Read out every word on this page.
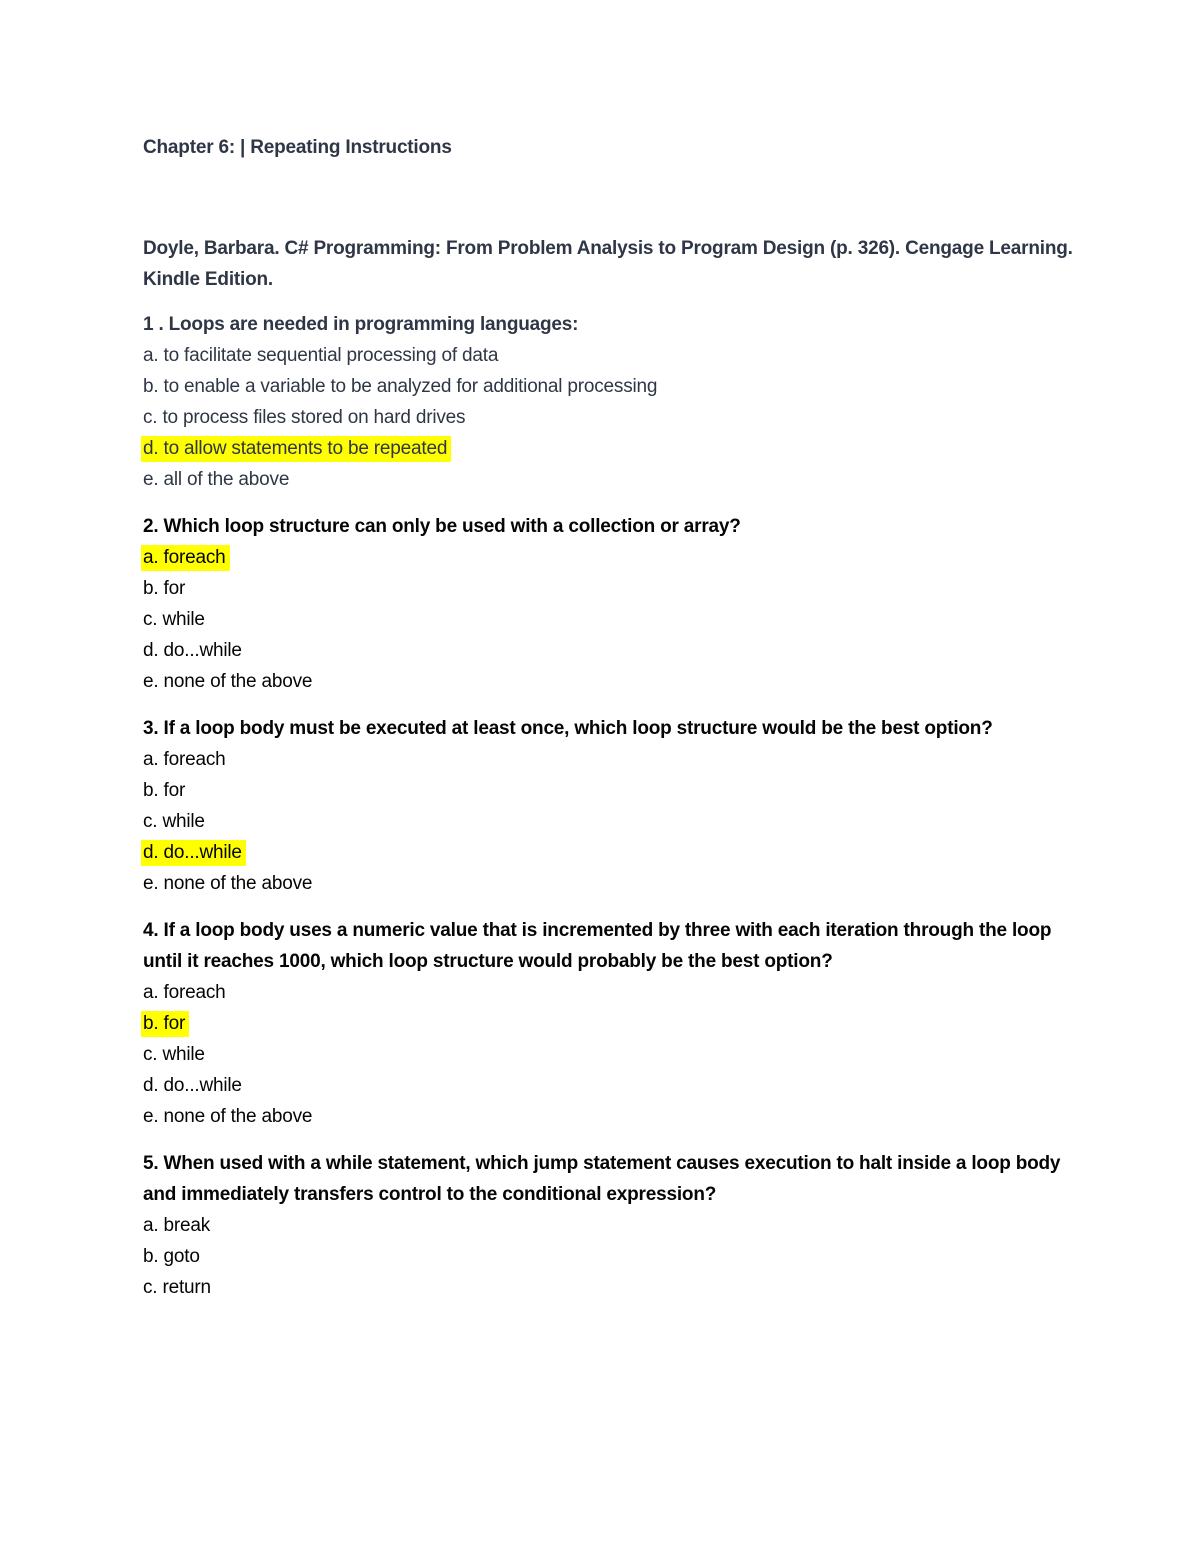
Chapter 6: | Repeating Instructions

Doyle, Barbara. C# Programming: From Problem Analysis to Program Design (p. 326). Cengage Learning. Kindle Edition.

1 . Loops are needed in programming languages:

a. to facilitate sequential processing of data

b. to enable a variable to be analyzed for additional processing

c. to process files stored on hard drives

d. to allow statements to be repeated

e. all of the above

2. Which loop structure can only be used with a collection or array?

a. foreach

b. for

c. while

d. do...while

e. none of the above

3. If a loop body must be executed at least once, which loop structure would be the best option?

a. foreach

b. for

c. while

d. do...while

e. none of the above

4. If a loop body uses a numeric value that is incremented by three with each iteration through the loop until it reaches 1000, which loop structure would probably be the best option?

a. foreach

b. for

c. while

d. do...while

e. none of the above

5. When used with a while statement, which jump statement causes execution to halt inside a loop body and immediately transfers control to the conditional expression?

a. break

b. goto

c. return
